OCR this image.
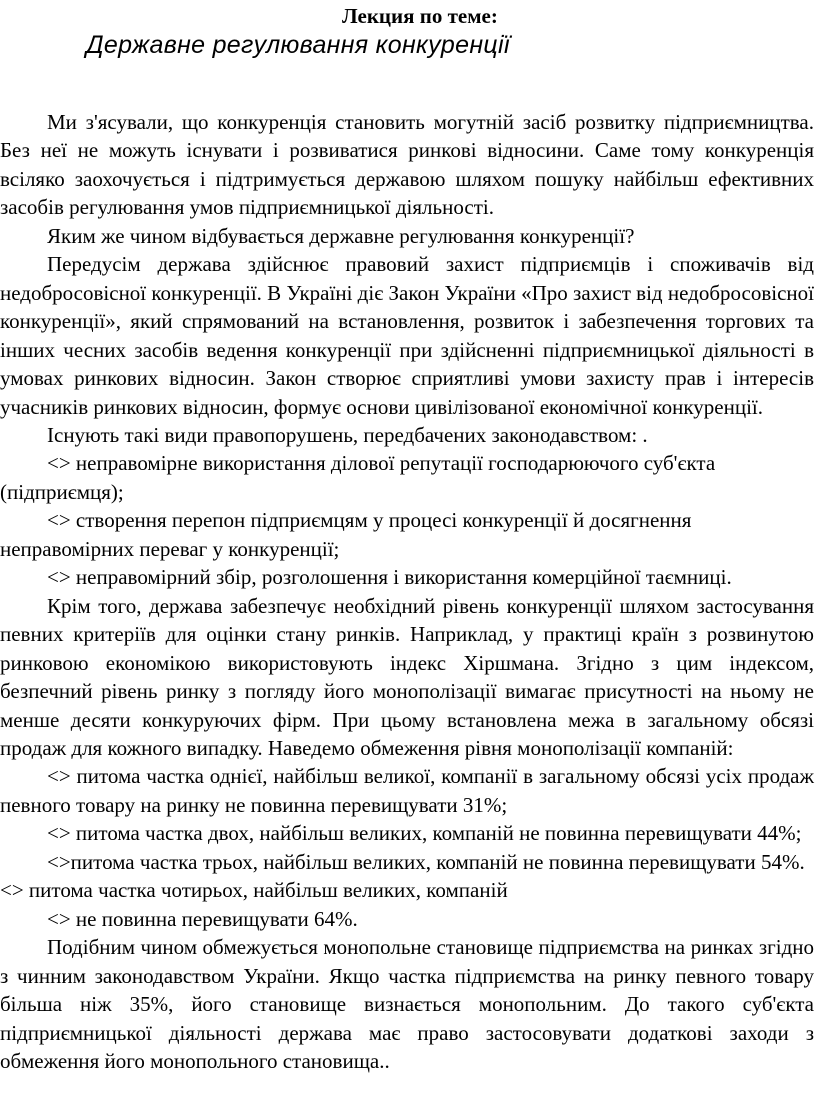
Лекция по теме:
Державне регулювання конкуренції

Ми з'ясували, що конкуренція становить могутній засіб розвитку підприємництва. Без неї не можуть існувати і розвиватися ринкові відносини. Саме тому конкуренція всіляко заохочується і підтримується державою шляхом пошуку найбільш ефективних засобів регулювання умов підприємницької діяльності.

Яким же чином відбувається державне регулювання конкуренції?

Передусім держава здійснює правовий захист підприємців і споживачів від недобросовісної конкуренції. В Україні діє Закон України «Про захист від недобросовісної конкуренції», який спрямований на встановлення, розвиток і забезпечення торгових та інших чесних засобів ведення конкуренції при здійсненні підприємницької діяльності в умовах ринкових відносин. Закон створює сприятливі умови захисту прав і інтересів учасників ринкових відносин, формує основи цивілізованої економічної конкуренції.

Існують такі види правопорушень, передбачених законодавством: .

<> неправомірне використання ділової репутації господарюючого суб'єкта (підприємця);

<> створення перепон підприємцям у процесі конкуренції й досягнення неправомірних переваг у конкуренції;

<> неправомірний збір, розголошення і використання комерційної таємниці.

Крім того, держава забезпечує необхідний рівень конкуренції шляхом застосування певних критеріїв для оцінки стану ринків. Наприклад, у практиці країн з розвинутою ринковою економікою використовують індекс Хіршмана. Згідно з цим індексом, безпечний рівень ринку з погляду його монополізації вимагає присутності на ньому не менше десяти конкуруючих фірм. При цьому встановлена межа в загальному обсязі продаж для кожного випадку. Наведемо обмеження рівня монополізації компаній:

<> питома частка однієї, найбільш великої, компанії в загальному обсязі усіх продаж певного товару на ринку не повинна перевищувати 31%;

<> питома частка двох, найбільш великих, компаній не повинна перевищувати 44%;

<>питома частка трьох, найбільш великих, компаній не повинна перевищувати 54%. <> питома частка чотирьох, найбільш великих, компаній

<> не повинна перевищувати 64%.

Подібним чином обмежується монопольне становище підприємства на ринках згідно з чинним законодавством України. Якщо частка підприємства на ринку певного товару більша ніж 35%, його становище визнається монопольним. До такого суб'єкта підприємницької діяльності держава має право застосовувати додаткові заходи з обмеження його монопольного становища..
